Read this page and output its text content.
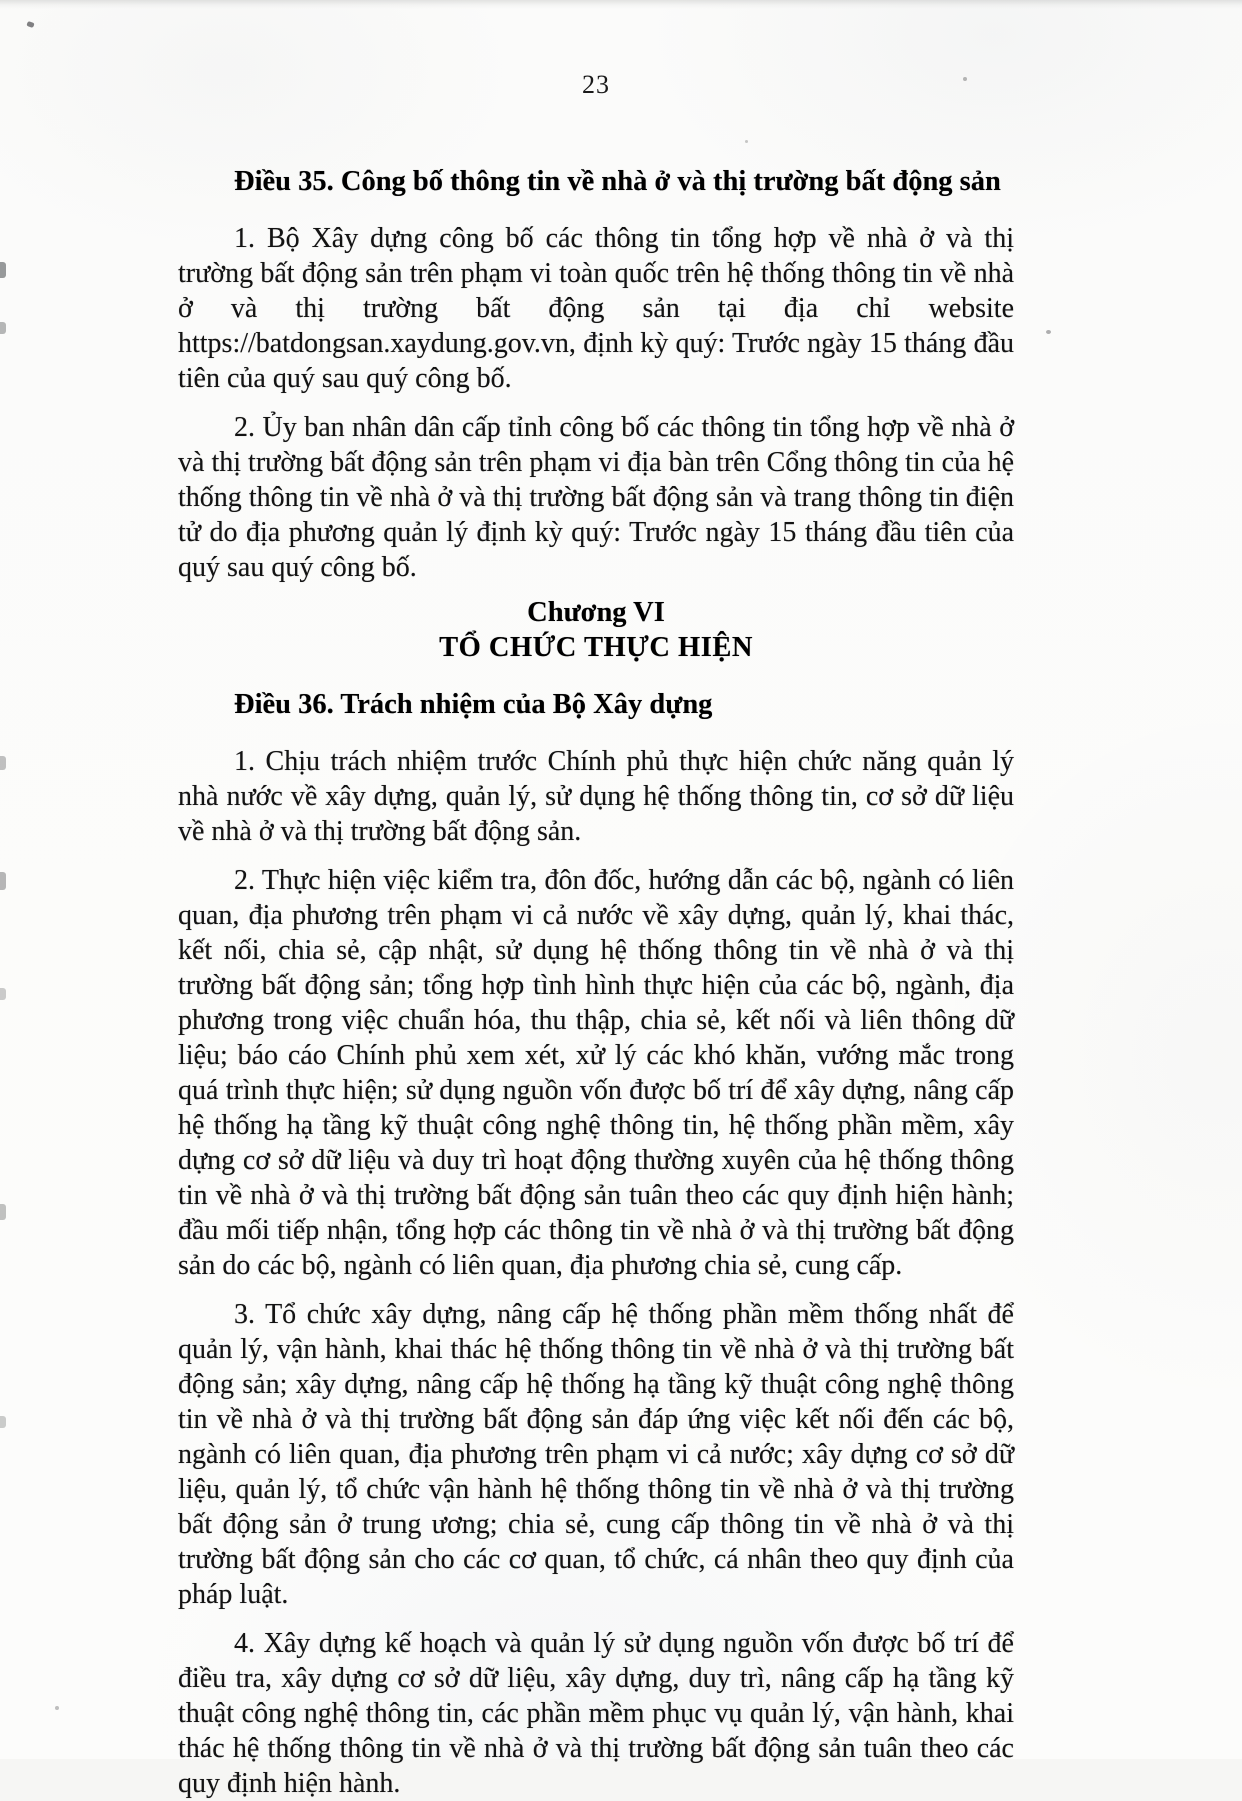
23
Điều 35. Công bố thông tin về nhà ở và thị trường bất động sản

1. Bộ Xây dựng công bố các thông tin tổng hợp về nhà ở và thị trường bất động sản trên phạm vi toàn quốc trên hệ thống thông tin về nhà ở và thị trường bất động sản tại địa chỉ website https://batdongsan.xaydung.gov.vn, định kỳ quý: Trước ngày 15 tháng đầu tiên của quý sau quý công bố.

2. Ủy ban nhân dân cấp tỉnh công bố các thông tin tổng hợp về nhà ở và thị trường bất động sản trên phạm vi địa bàn trên Cổng thông tin của hệ thống thông tin về nhà ở và thị trường bất động sản và trang thông tin điện tử do địa phương quản lý định kỳ quý: Trước ngày 15 tháng đầu tiên của quý sau quý công bố.

Chương VI
TỔ CHỨC THỰC HIỆN
Điều 36. Trách nhiệm của Bộ Xây dựng

1. Chịu trách nhiệm trước Chính phủ thực hiện chức năng quản lý nhà nước về xây dựng, quản lý, sử dụng hệ thống thông tin, cơ sở dữ liệu về nhà ở và thị trường bất động sản.

2. Thực hiện việc kiểm tra, đôn đốc, hướng dẫn các bộ, ngành có liên quan, địa phương trên phạm vi cả nước về xây dựng, quản lý, khai thác, kết nối, chia sẻ, cập nhật, sử dụng hệ thống thông tin về nhà ở và thị trường bất động sản; tổng hợp tình hình thực hiện của các bộ, ngành, địa phương trong việc chuẩn hóa, thu thập, chia sẻ, kết nối và liên thông dữ liệu; báo cáo Chính phủ xem xét, xử lý các khó khăn, vướng mắc trong quá trình thực hiện; sử dụng nguồn vốn được bố trí để xây dựng, nâng cấp hệ thống hạ tầng kỹ thuật công nghệ thông tin, hệ thống phần mềm, xây dựng cơ sở dữ liệu và duy trì hoạt động thường xuyên của hệ thống thông tin về nhà ở và thị trường bất động sản tuân theo các quy định hiện hành; đầu mối tiếp nhận, tổng hợp các thông tin về nhà ở và thị trường bất động sản do các bộ, ngành có liên quan, địa phương chia sẻ, cung cấp.

3. Tổ chức xây dựng, nâng cấp hệ thống phần mềm thống nhất để quản lý, vận hành, khai thác hệ thống thông tin về nhà ở và thị trường bất động sản; xây dựng, nâng cấp hệ thống hạ tầng kỹ thuật công nghệ thông tin về nhà ở và thị trường bất động sản đáp ứng việc kết nối đến các bộ, ngành có liên quan, địa phương trên phạm vi cả nước; xây dựng cơ sở dữ liệu, quản lý, tổ chức vận hành hệ thống thông tin về nhà ở và thị trường bất động sản ở trung ương; chia sẻ, cung cấp thông tin về nhà ở và thị trường bất động sản cho các cơ quan, tổ chức, cá nhân theo quy định của pháp luật.

4. Xây dựng kế hoạch và quản lý sử dụng nguồn vốn được bố trí để điều tra, xây dựng cơ sở dữ liệu, xây dựng, duy trì, nâng cấp hạ tầng kỹ thuật công nghệ thông tin, các phần mềm phục vụ quản lý, vận hành, khai thác hệ thống thông tin về nhà ở và thị trường bất động sản tuân theo các quy định hiện hành.
